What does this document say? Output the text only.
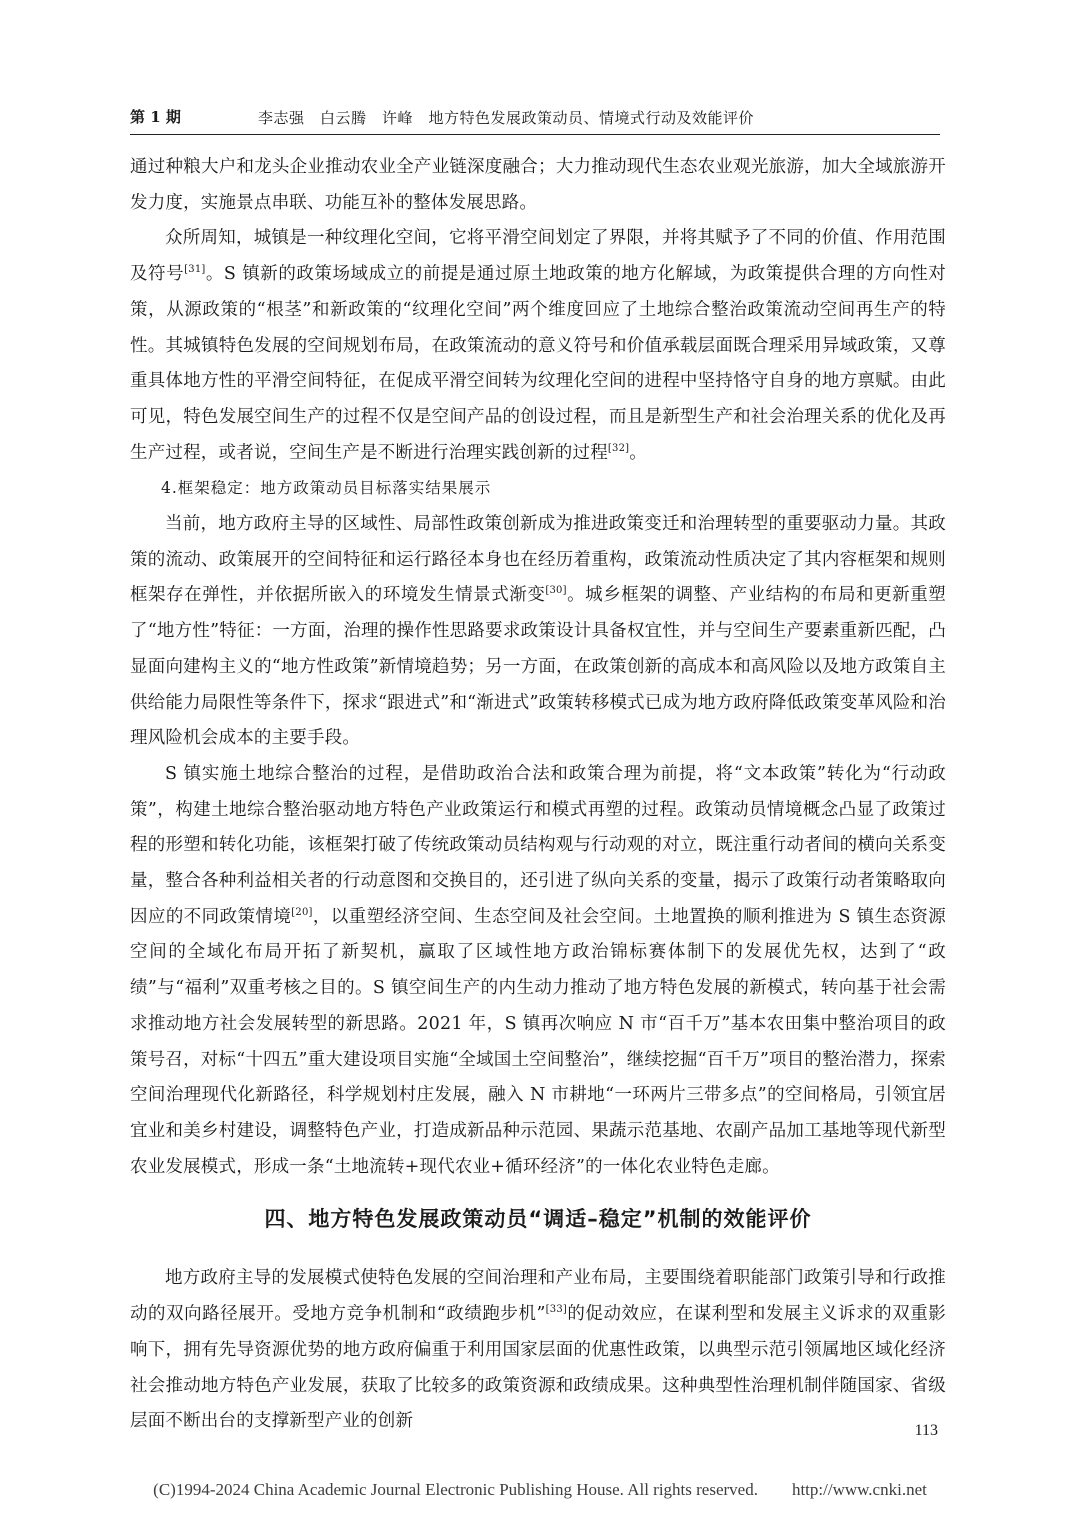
第 1 期	李志强　白云腾　许峰　地方特色发展政策动员、情境式行动及效能评价

通过种粮大户和龙头企业推动农业全产业链深度融合；大力推动现代生态农业观光旅游，加大全域旅游开发力度，实施景点串联、功能互补的整体发展思路。

众所周知，城镇是一种纹理化空间，它将平滑空间划定了界限，并将其赋予了不同的价值、作用范围及符号[31]。S 镇新的政策场域成立的前提是通过原土地政策的地方化解域，为政策提供合理的方向性对策，从源政策的“根茎”和新政策的“纹理化空间”两个维度回应了土地综合整治政策流动空间再生产的特性。其城镇特色发展的空间规划布局，在政策流动的意义符号和价值承载层面既合理采用异域政策，又尊重具体地方性的平滑空间特征，在促成平滑空间转为纹理化空间的进程中坚持恪守自身的地方禀赋。由此可见，特色发展空间生产的过程不仅是空间产品的创设过程，而且是新型生产和社会治理关系的优化及再生产过程，或者说，空间生产是不断进行治理实践创新的过程[32]。

4.框架稳定：地方政策动员目标落实结果展示

当前，地方政府主导的区域性、局部性政策创新成为推进政策变迁和治理转型的重要驱动力量。其政策的流动、政策展开的空间特征和运行路径本身也在经历着重构，政策流动性质决定了其内容框架和规则框架存在弹性，并依据所嵌入的环境发生情景式渐变[30]。城乡框架的调整、产业结构的布局和更新重塑了“地方性”特征：一方面，治理的操作性思路要求政策设计具备权宜性，并与空间生产要素重新匹配，凸显面向建构主义的“地方性政策”新情境趋势；另一方面，在政策创新的高成本和高风险以及地方政策自主供给能力局限性等条件下，探求“跟进式”和“渐进式”政策转移模式已成为地方政府降低政策变革风险和治理风险机会成本的主要手段。

S 镇实施土地综合整治的过程，是借助政治合法和政策合理为前提，将“文本政策”转化为“行动政策”，构建土地综合整治驱动地方特色产业政策运行和模式再塑的过程。政策动员情境概念凸显了政策过程的形塑和转化功能，该框架打破了传统政策动员结构观与行动观的对立，既注重行动者间的横向关系变量，整合各种利益相关者的行动意图和交换目的，还引进了纵向关系的变量，揭示了政策行动者策略取向因应的不同政策情境[20]，以重塑经济空间、生态空间及社会空间。土地置换的顺利推进为 S 镇生态资源空间的全域化布局开拓了新契机，赢取了区域性地方政治锦标赛体制下的发展优先权，达到了“政绩”与“福利”双重考核之目的。S 镇空间生产的内生动力推动了地方特色发展的新模式，转向基于社会需求推动地方社会发展转型的新思路。2021 年，S 镇再次响应 N 市“百千万”基本农田集中整治项目的政策号召，对标“十四五”重大建设项目实施“全域国土空间整治”，继续挖掘“百千万”项目的整治潜力，探索空间治理现代化新路径，科学规划村庄发展，融入 N 市耕地“一环两片三带多点”的空间格局，引领宜居宜业和美乡村建设，调整特色产业，打造成新品种示范园、果蔬示范基地、农副产品加工基地等现代新型农业发展模式，形成一条“土地流转+现代农业+循环经济”的一体化农业特色走廊。

四、地方特色发展政策动员“调适–稳定”机制的效能评价

地方政府主导的发展模式使特色发展的空间治理和产业布局，主要围绕着职能部门政策引导和行政推动的双向路径展开。受地方竞争机制和“政绩跑步机”[33]的促动效应，在谋利型和发展主义诉求的双重影响下，拥有先导资源优势的地方政府偏重于利用国家层面的优惠性政策，以典型示范引领属地区域化经济社会推动地方特色产业发展，获取了比较多的政策资源和政绩成果。这种典型性治理机制伴随国家、省级层面不断出台的支撑新型产业的创新	113
(C)1994-2024 China Academic Journal Electronic Publishing House. All rights reserved.　　http://www.cnki.net
